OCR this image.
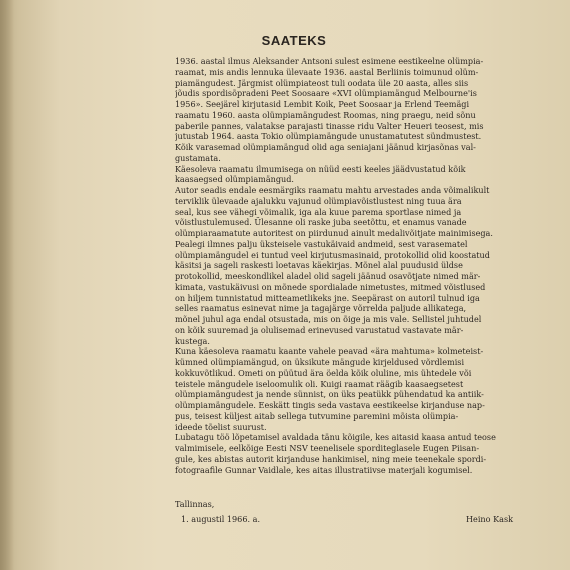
SAATEKS
1936. aastal ilmus Aleksander Antsoni sulest esimene eestikeelne olümpia-
raamat, mis andis lennuka ülevaate 1936. aastal Berliinis toimunud olüm-
piamängudest. Järgmist olümpiateost tuli oodata üle 20 aasta, alles siis
jõudis spordisõpradeni Peet Soosaare «XVI olümpiamängud Melbourne'is
1956». Seejärel kirjutasid Lembit Koik, Peet Soosaar ja Erlend Teemägi
raamatu 1960. aasta olümpiamängudest Roomas, ning praegu, neid sõnu
paberile pannes, valatakse parajasti tinasse ridu Valter Heueri teosest, mis
jutustab 1964. aasta Tokio olümpiamängude unustamatutest sündmustest.
Kõik varasemad olümpiamängud olid aga seniajani jäänud kirjasõnas val-
gustamata.
Käesoleva raamatu ilmumisega on nüüd eesti keeles jäädvustatud kõik
kaasaegsed olümpiamängud.
Autor seadis endale eesmärgiks raamatu mahtu arvestades anda võimalikult
terviklik ülevaade ajalukku vajunud olümpiavõistlustest ning tuua ära
seal, kus see vähegi võimalik, iga ala kuue parema sportlase nimed ja
võistlustulemused. Ülesanne oli raske juba seetõttu, et enamus vanade
olümpiaraamatute autoritest on piirdunud ainult medalivõitjate mainimisega.
Pealegi ilmnes palju üksteisele vastukäivaid andmeid, sest varasematel
olümpiamängudel ei tuntud veel kirjutusmasinaid, protokollid olid koostatud
käsitsi ja sageli raskesti loetavas käekirjas. Mõnel alal puudusid üldse
protokollid, meeskondlikel aladel olid sageli jäänud osavõtjate nimed mär-
kimata, vastukäivusi on mõnede spordialade nimetustes, mitmed võistlused
on hiljem tunnistatud mitteametlikeks jne. Seepärast on autoril tulnud iga
selles raamatus esinevat nime ja tagajärge võrrelda paljude allikatega,
mõnel juhul aga endal otsustada, mis on õige ja mis vale. Sellistel juhtudel
on kõik suuremad ja olulisemad erinevused varustatud vastavate mär-
kustega.
Kuna käesoleva raamatu kaante vahele peavad «ära mahtuma» kolmeteist-
kümned olümpiamängud, on üksikute mängude kirjeldused võrdlemisi
kokkuvõtlikud. Ometi on püütud ära öelda kõik oluline, mis ühtedele või
teistele mängudele iseloomulik oli. Kuigi raamat räägib kaasaegsetest
olümpiamängudest ja nende sünnist, on üks peatükk pühendatud ka antiik-
olümpiamängudele. Eeskätt tingis seda vastava eestikeelse kirjanduse nap-
pus, teisest küljest aitab sellega tutvumine paremini mõista olümpia-
ideede tõelist suurust.
Lubatagu töö lõpetamisel avaldada tänu kõigile, kes aitasid kaasa antud teose
valmimisele, eelkõige Eesti NSV teenelisele sporditeglasele Eugen Piisan-
gule, kes abistas autorit kirjanduse hankimisel, ning meie teenekale spordi-
fotograafile Gunnar Vaidlale, kes aitas illustratiivse materjali kogumisel.
Tallinnas,
1. augustil 1966. a.	Heino Kask
